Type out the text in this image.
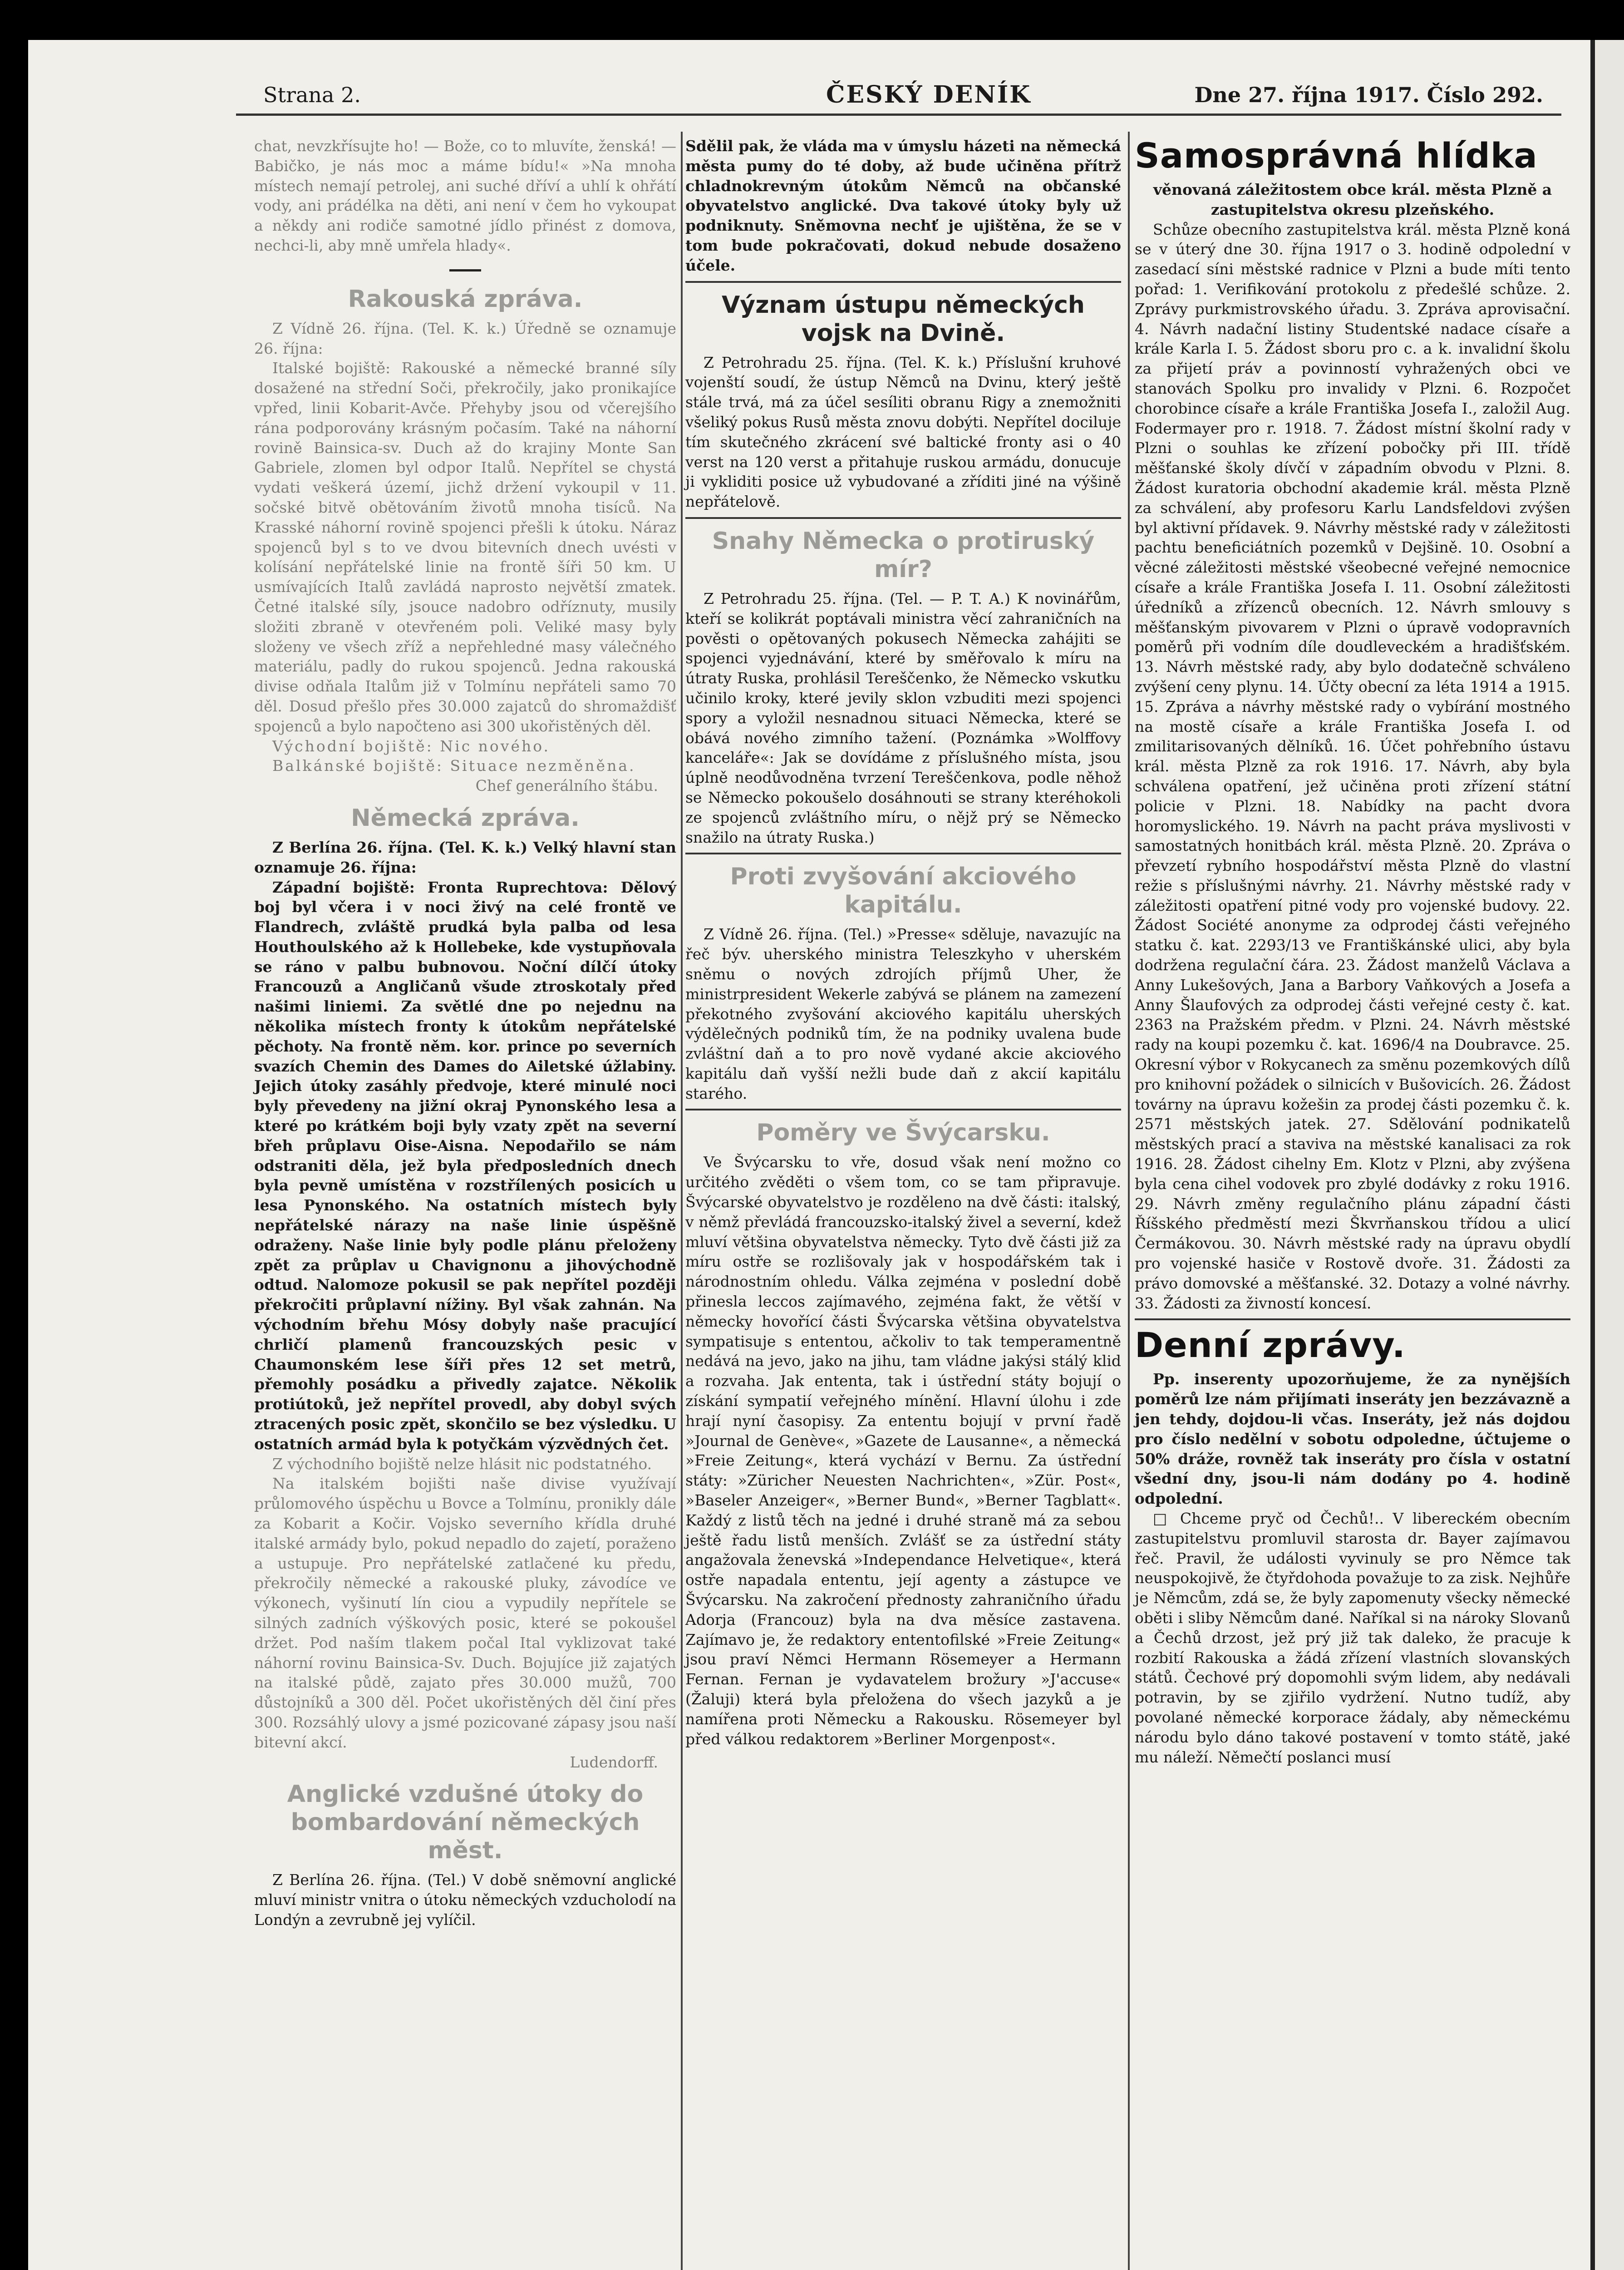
Strana 2.	ČESKÝ DENÍK	Dne 27. října 1917. Číslo 292.

chat, nevzkřísujte ho! — Bože, co to mluvíte, ženská! — Babičko, je nás moc a máme bídu!« »Na mnoha místech nemají petrolej, ani suché dříví a uhlí k ohřátí vody, ani prádélka na děti, ani není v čem ho vykoupat a někdy ani rodiče samotné jídlo přinést z domova, nechci-li, aby mně umřela hlady«.

Rakouská zpráva.

Z Vídně 26. října. (Tel. K. k.) Úředně se oznamuje 26. října:

Italské bojiště: Rakouské a německé branné síly dosažené na střední Soči, překročily, jako pronikajíce vpřed, linii Kobarit-Avče. Přehyby jsou od včerejšího rána podporovány krásným počasím. Také na náhorní rovině Bainsica-sv. Duch až do krajiny Monte San Gabriele, zlomen byl odpor Italů. Nepřítel se chystá vydati veškerá území, jichž držení vykoupil v 11. sočské bitvě obětováním životů mnoha tisíců. Na Krasské náhorní rovině spojenci přešli k útoku. Náraz spojenců byl s to ve dvou bitevních dnech uvésti v kolísání nepřátelské linie na frontě šíři 50 km. U usmívajících Italů zavládá naprosto největší zmatek. Četné italské síly, jsouce nadobro odříznuty, musily složiti zbraně v otevřeném poli. Veliké masy byly složeny ve všech zříž a nepřehledné masy válečného materiálu, padly do rukou spojenců. Jedna rakouská divise odňala Italům již v Tolmínu nepřáteli samo 70 děl. Dosud přešlo přes 30.000 zajatců do shromaždišť spojenců a bylo napočteno asi 300 ukořistěných děl.

Východní bojiště: Nic nového.

Balkánské bojiště: Situace nezměněna.

Chef generálního štábu.

Německá zpráva.

Z Berlína 26. října. (Tel. K. k.) Velký hlavní stan oznamuje 26. října:

Západní bojiště: Fronta Ruprechtova: Dělový boj byl včera i v noci živý na celé frontě ve Flandrech, zvláště prudká byla palba od lesa Houthoulského až k Hollebeke, kde vystupňovala se ráno v palbu bubnovou. Noční dílčí útoky Francouzů a Angličanů všude ztroskotaly před našimi liniemi. Za světlé dne po nejednu na několika místech fronty k útokům nepřátelské pěchoty. Na frontě něm. kor. prince po severních svazích Chemin des Dames do Ailetské úžlabiny. Jejich útoky zasáhly předvoje, které minulé noci byly převedeny na jižní okraj Pynonského lesa a které po krátkém boji byly vzaty zpět na severní břeh průplavu Oise-Aisna. Nepodařilo se nám odstraniti děla, jež byla předposledních dnech byla pevně umístěna v rozstřílených posicích u lesa Pynonského. Na ostatních místech byly nepřátelské nárazy na naše linie úspěšně odraženy. Naše linie byly podle plánu přeloženy zpět za průplav u Chavignonu a jihovýchodně odtud. Nalomoze pokusil se pak nepřítel později překročiti průplavní nížiny. Byl však zahnán. Na východním břehu Mósy dobyly naše pracující chrličí plamenů francouzských pesic v Chaumonském lese šíři přes 12 set metrů, přemohly posádku a přivedly zajatce. Několik protiútoků, jež nepřítel provedl, aby dobyl svých ztracených posic zpět, skončilo se bez výsledku. U ostatních armád byla k potyčkám výzvědných čet.

Z východního bojiště nelze hlásit nic podstatného.

Na italském bojišti naše divise využívají průlomového úspěchu u Bovce a Tolmínu, pronikly dále za Kobarit a Kočir. Vojsko severního křídla druhé italské armády bylo, pokud nepadlo do zajetí, poraženo a ustupuje. Pro nepřátelské zatlačené ku předu, překročily německé a rakouské pluky, závodíce ve výkonech, vyšinutí lín ciou a vypudily nepřítele se silných zadních výškových posic, které se pokoušel držet. Pod naším tlakem počal Ital vyklizovat také náhorní rovinu Bainsica-Sv. Duch. Bojujíce již zajatých na italské půdě, zajato přes 30.000 mužů, 700 důstojníků a 300 děl. Počet ukořistěných děl činí přes 300. Rozsáhlý ulovy a jsmé pozicované zápasy jsou naší bitevní akcí.

Ludendorff.

Anglické vzdušné útoky do bombardování německých měst.

Z Berlína 26. října. (Tel.) V době sněmovní anglické mluví ministr vnitra o útoku německých vzducholodí na Londýn a zevrubně jej vylíčil.

Sdělil pak, že vláda ma v úmyslu házeti na německá města pumy do té doby, až bude učiněna přítrž chladnokrevným útokům Němců na občanské obyvatelstvo anglické. Dva takové útoky byly už podniknuty. Sněmovna nechť je ujištěna, že se v tom bude pokračovati, dokud nebude dosaženo účele.

Význam ústupu německých vojsk na Dvině.

Z Petrohradu 25. října. (Tel. K. k.) Příslušní kruhové vojenští soudí, že ústup Němců na Dvinu, který ještě stále trvá, má za účel sesíliti obranu Rigy a znemožniti všeliký pokus Rusů města znovu dobýti. Nepřítel dociluje tím skutečného zkrácení své baltické fronty asi o 40 verst na 120 verst a přitahuje ruskou armádu, donucuje ji vykliditi posice už vybudované a zříditi jiné na výšině nepřátelově.

Snahy Německa o protiruský mír?

Z Petrohradu 25. října. (Tel. — P. T. A.) K novinářům, kteří se kolikrát poptávali ministra věcí zahraničních na pověsti o opětovaných pokusech Německa zahájiti se spojenci vyjednávání, které by směřovalo k míru na útraty Ruska, prohlásil Tereščenko, že Německo vskutku učinilo kroky, které jevily sklon vzbuditi mezi spojenci spory a vyložil nesnadnou situaci Německa, které se obává nového zimního tažení. (Poznámka »Wolffovy kanceláře«: Jak se dovídáme z příslušného místa, jsou úplně neodůvodněna tvrzení Tereščenkova, podle něhož se Německo pokoušelo dosáhnouti se strany kteréhokoli ze spojenců zvláštního míru, o nějž prý se Německo snažilo na útraty Ruska.)

Proti zvyšování akciového kapitálu.

Z Vídně 26. října. (Tel.) »Presse« sděluje, navazujíc na řeč býv. uherského ministra Teleszkyho v uherském sněmu o nových zdrojích příjmů Uher, že ministrpresident Wekerle zabývá se plánem na zamezení překotného zvyšování akciového kapitálu uherských výdělečných podniků tím, že na podniky uvalena bude zvláštní daň a to pro nově vydané akcie akciového kapitálu daň vyšší nežli bude daň z akcií kapitálu starého.

Poměry ve Švýcarsku.

Ve Švýcarsku to vře, dosud však není možno co určitého zvěděti o všem tom, co se tam připravuje. Švýcarské obyvatelstvo je rozděleno na dvě části: italský, v němž převládá francouzsko-italský živel a severní, kdež mluví většina obyvatelstva německy. Tyto dvě části již za míru ostře se rozlišovaly jak v hospodářském tak i národnostním ohledu. Válka zejména v poslední době přinesla leccos zajímavého, zejména fakt, že větší v německy hovořící části Švýcarska většina obyvatelstva sympatisuje s ententou, ačkoliv to tak temperamentně nedává na jevo, jako na jihu, tam vládne jakýsi stálý klid a rozvaha. Jak ententa, tak i ústřední státy bojují o získání sympatií veřejného mínění. Hlavní úlohu i zde hrají nyní časopisy. Za ententu bojují v první řadě »Journal de Genève«, »Gazete de Lausanne«, a německá »Freie Zeitung«, která vychází v Bernu. Za ústřední státy: »Züricher Neuesten Nachrichten«, »Zür. Post«, »Baseler Anzeiger«, »Berner Bund«, »Berner Tagblatt«. Každý z listů těch na jedné i druhé straně má za sebou ještě řadu listů menších. Zvlášť se za ústřední státy angažovala ženevská »Independance Helvetique«, která ostře napadala ententu, její agenty a zástupce ve Švýcarsku. Na zakročení přednosty zahraničního úřadu Adorja (Francouz) byla na dva měsíce zastavena. Zajímavo je, že redaktory ententofilské »Freie Zeitung« jsou praví Němci Hermann Rösemeyer a Hermann Fernan. Fernan je vydavatelem brožury »J'accuse« (Žaluji) která byla přeložena do všech jazyků a je namířena proti Německu a Rakousku. Rösemeyer byl před válkou redaktorem »Berliner Morgenpost«.

Samosprávná hlídka

věnovaná záležitostem obce král. města Plzně a zastupitelstva okresu plzeňského.

Schůze obecního zastupitelstva král. města Plzně koná se v úterý dne 30. října 1917 o 3. hodině odpolední v zasedací síni městské radnice v Plzni a bude míti tento pořad: 1. Verifikování protokolu z předešlé schůze. 2. Zprávy purkmistrovského úřadu. 3. Zpráva aprovisační. 4. Návrh nadační listiny Studentské nadace císaře a krále Karla I. 5. Žádost sboru pro c. a k. invalidní školu za přijetí práv a povinností vyhražených obci ve stanovách Spolku pro invalidy v Plzni. 6. Rozpočet chorobince císaře a krále Františka Josefa I., založil Aug. Fodermayer pro r. 1918. 7. Žádost místní školní rady v Plzni o souhlas ke zřízení pobočky při III. třídě měšťanské školy dívčí v západním obvodu v Plzni. 8. Žádost kuratoria obchodní akademie král. města Plzně za schválení, aby profesoru Karlu Landsfeldovi zvýšen byl aktivní přídavek. 9. Návrhy městské rady v záležitosti pachtu beneficiátních pozemků v Dejšině. 10. Osobní a věcné záležitosti městské všeobecné veřejné nemocnice císaře a krále Františka Josefa I. 11. Osobní záležitosti úředníků a zřízenců obecních. 12. Návrh smlouvy s měšťanským pivovarem v Plzni o úpravě vodopravních poměrů při vodním díle doudleveckém a hradišťském. 13. Návrh městské rady, aby bylo dodatečně schváleno zvýšení ceny plynu. 14. Účty obecní za léta 1914 a 1915. 15. Zpráva a návrhy městské rady o vybírání mostného na mostě císaře a krále Františka Josefa I. od zmilitarisovaných dělníků. 16. Účet pohřebního ústavu král. města Plzně za rok 1916. 17. Návrh, aby byla schválena opatření, jež učiněna proti zřízení státní policie v Plzni. 18. Nabídky na pacht dvora horomyslického. 19. Návrh na pacht práva myslivosti v samostatných honitbách král. města Plzně. 20. Zpráva o převzetí rybního hospodářství města Plzně do vlastní režie s příslušnými návrhy. 21. Návrhy městské rady v záležitosti opatření pitné vody pro vojenské budovy. 22. Žádost Société anonyme za odprodej části veřejného statku č. kat. 2293/13 ve Františkánské ulici, aby byla dodržena regulační čára. 23. Žádost manželů Václava a Anny Lukešových, Jana a Barbory Vaňkových a Josefa a Anny Šlaufových za odprodej části veřejné cesty č. kat. 2363 na Pražském předm. v Plzni. 24. Návrh městské rady na koupi pozemku č. kat. 1696/4 na Doubravce. 25. Okresní výbor v Rokycanech za směnu pozemkových dílů pro knihovní požádek o silnicích v Bušovicích. 26. Žádost továrny na úpravu kožešin za prodej části pozemku č. k. 2571 městských jatek. 27. Sdělování podnikatelů městských prací a staviva na městské kanalisaci za rok 1916. 28. Žádost cihelny Em. Klotz v Plzni, aby zvýšena byla cena cihel vodovek pro zbylé dodávky z roku 1916. 29. Návrh změny regulačního plánu západní části Říšského předměstí mezi Škvrňanskou třídou a ulicí Čermákovou. 30. Návrh městské rady na úpravu obydlí pro vojenské hasiče v Rostově dvoře. 31. Žádosti za právo domovské a měšťanské. 32. Dotazy a volné návrhy. 33. Žádosti za živností koncesí.

Denní zprávy.

Pp. inserenty upozorňujeme, že za nynějších poměrů lze nám přijímati inseráty jen bezzávazně a jen tehdy, dojdou-li včas. Inseráty, jež nás dojdou pro číslo nedělní v sobotu odpoledne, účtujeme o 50% dráže, rovněž tak inseráty pro čísla v ostatní všední dny, jsou-li nám dodány po 4. hodině odpolední.

□ Chceme pryč od Čechů!.. V libereckém obecním zastupitelstvu promluvil starosta dr. Bayer zajímavou řeč. Pravil, že události vyvinuly se pro Němce tak neuspokojivě, že čtyřdohoda považuje to za zisk. Nejhůře je Němcům, zdá se, že byly zapomenuty všecky německé oběti i sliby Němcům dané. Naříkal si na nároky Slovanů a Čechů drzost, jež prý již tak daleko, že pracuje k rozbití Rakouska a žádá zřízení vlastních slovanských států. Čechové prý dopomohli svým lidem, aby nedávali potravin, by se zjiřilo vydržení. Nutno tudíž, aby povolané německé korporace žádaly, aby německému národu bylo dáno takové postavení v tomto státě, jaké mu náleží. Němečtí poslanci musí
